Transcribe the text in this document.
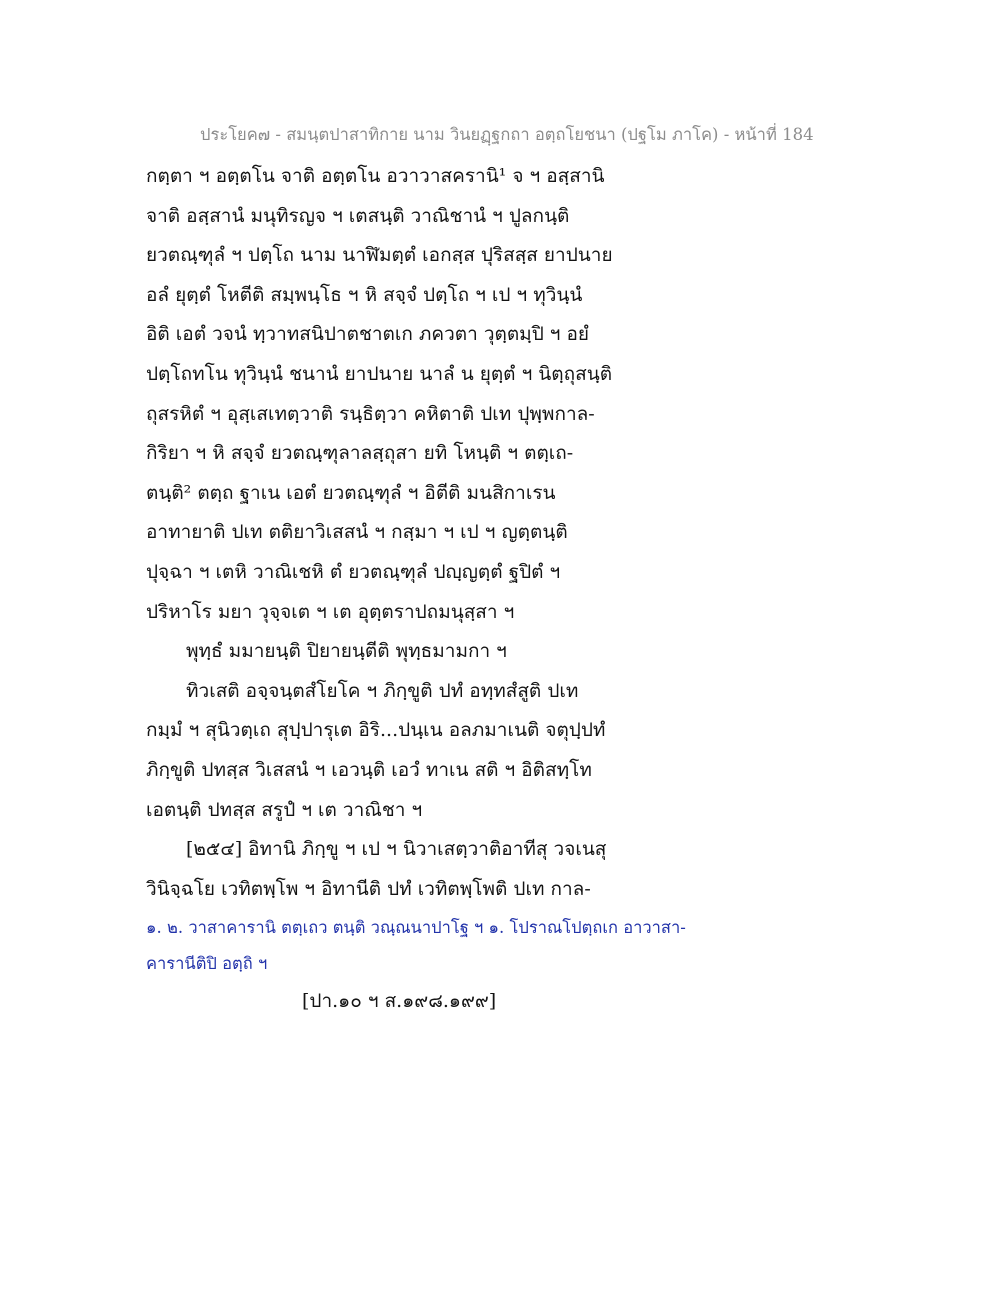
ประโยค๗ - สมนฺตปาสาทิกาย นาม วินยฏฺฐกถา อตฺถโยชนา (ปฐโม ภาโค) - หน้าที่ 184
กตฺตา ฯ อตฺตโน จาติ อตฺตโน อวาวาสครานิ¹ จ ฯ อสฺสานิ
จาติ อสฺสานํ มนุทิรญจ ฯ เตสนฺติ วาณิชานํ ฯ ปูลกนฺติ
ยวตณฺฑุลํ ฯ ปตฺโถ นาม นาฬิมตฺตํ เอกสฺส ปุริสสฺส ยาปนาย
อลํ ยุตฺตํ โหตีติ สมฺพนฺโธ ฯ หิ สจฺจํ ปตฺโถ ฯ เป ฯ ทุวินฺนํ
อิติ เอตํ วจนํ ทฺวาทสนิปาตชาตเก ภควตา วุตฺตมฺปิ ฯ อยํ
ปตฺโถทโน ทุวินฺนํ ชนานํ ยาปนาย นาลํ น ยุตฺตํ ฯ นิตฺถุสนฺติ
ถุสรหิตํ ฯ อุสฺเสเทตฺวาติ รนฺธิตฺวา คหิตาติ ปเท ปุพฺพกาล-
กิริยา ฯ หิ สจฺจํ ยวตณฺฑุลาลสฺถุสา ยทิ โหนฺติ ฯ ตตฺเถ-
ตนฺติ² ตตฺถ ฐาเน เอตํ ยวตณฺฑุลํ ฯ อิตีติ มนสิกาเรน
อาทายาติ ปเท ตติยาวิเสสนํ ฯ กสฺมา ฯ เป ฯ ญตฺตนฺติ
ปุจฺฉา ฯ เตหิ วาณิเชหิ ตํ ยวตณฺฑุลํ ปญฺญตฺตํ ฐปิตํ ฯ
ปริหาโร มยา วุจฺจเต ฯ เต อุตฺตราปถมนุสฺสา ฯ
พุทฺธํ มมายนฺติ ปิยายนฺตีติ พุทฺธมามกา ฯ
ทิวเสติ อจฺจนฺตสํโยโค ฯ ภิกฺขูติ ปทํ อทฺทสํสูติ ปเท
กมฺมํ ฯ สุนิวตฺเถ สุปฺปารุเต อิริ...ปนฺเน อลภมาเนติ จตุปฺปทํ
ภิกฺขูติ ปทสฺส วิเสสนํ ฯ เอวนฺติ เอวํ ทาเน สติ ฯ อิติสทฺโท
เอตนฺติ ปทสฺส สรูปํ ฯ เต วาณิชา ฯ
[๒๕๔] อิทานิ ภิกฺขู ฯ เป ฯ นิวาเสตฺวาติอาทีสุ วจเนสุ
วินิจฺฉโย เวทิตพฺโพ ฯ อิทานีติ ปทํ เวทิตพฺโพติ ปเท กาล-
๑. ๒. วาสาคารานิ ตตฺเถว ตนฺติ วณฺณนาปาโฐ ฯ ๑. โปราณโปตฺถเก อาวาสา-
คารานีติปิ อตฺถิ ฯ
[ปา.๑๐ ฯ ส.๑๙๘.๑๙๙]
